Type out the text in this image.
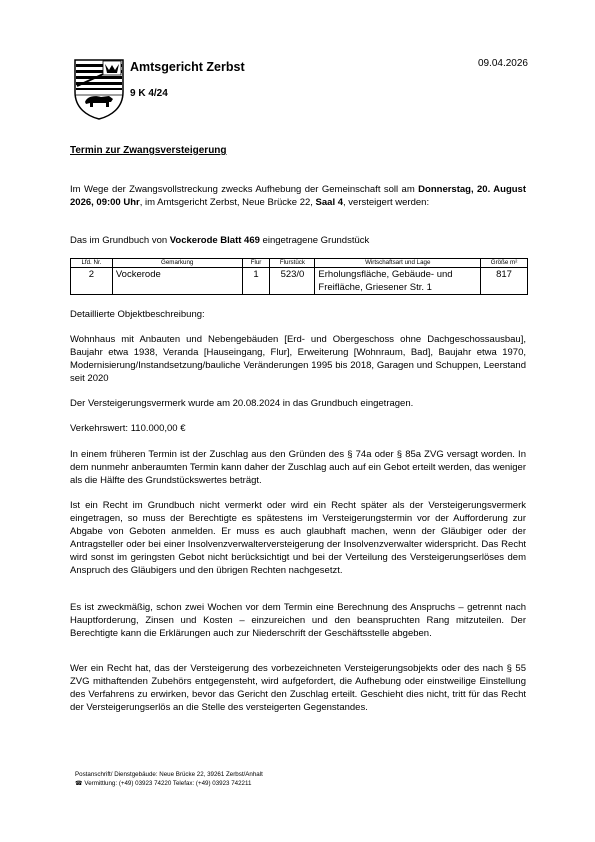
Amtsgericht Zerbst
9 K 4/24
09.04.2026
Termin zur Zwangsversteigerung
Im Wege der Zwangsvollstreckung zwecks Aufhebung der Gemeinschaft soll am Donnerstag, 20. August 2026, 09:00 Uhr, im Amtsgericht Zerbst, Neue Brücke 22, Saal 4, versteigert werden:
Das im Grundbuch von Vockerode Blatt 469 eingetragene Grundstück
Lfd. Nr.	Gemarkung	Flur	Flurstück	Wirtschaftsart und Lage	Größe m²
2	Vockerode	1	523/0	Erholungsfläche, Gebäude- und Freifläche, Griesener Str. 1	817
Detaillierte Objektbeschreibung:
Wohnhaus mit Anbauten und Nebengebäuden [Erd- und Obergeschoss ohne Dachgeschossausbau], Baujahr etwa 1938, Veranda [Hauseingang, Flur], Erweiterung [Wohnraum, Bad], Baujahr etwa 1970, Modernisierung/Instandsetzung/bauliche Veränderungen 1995 bis 2018, Garagen und Schuppen, Leerstand seit 2020
Der Versteigerungsvermerk wurde am 20.08.2024 in das Grundbuch eingetragen.
Verkehrswert: 110.000,00 €
In einem früheren Termin ist der Zuschlag aus den Gründen des § 74a oder § 85a ZVG versagt worden. In dem nunmehr anberaumten Termin kann daher der Zuschlag auch auf ein Gebot erteilt werden, das weniger als die Hälfte des Grundstückswertes beträgt.
Ist ein Recht im Grundbuch nicht vermerkt oder wird ein Recht später als der Versteigerungsvermerk eingetragen, so muss der Berechtigte es spätestens im Versteigerungstermin vor der Aufforderung zur Abgabe von Geboten anmelden. Er muss es auch glaubhaft machen, wenn der Gläubiger oder der Antragsteller oder bei einer Insolvenzverwalterversteigerung der Insolvenzverwalter widerspricht. Das Recht wird sonst im geringsten Gebot nicht berücksichtigt und bei der Verteilung des Versteigerungserlöses dem Anspruch des Gläubigers und den übrigen Rechten nachgesetzt.
Es ist zweckmäßig, schon zwei Wochen vor dem Termin eine Berechnung des Anspruchs – getrennt nach Hauptforderung, Zinsen und Kosten – einzureichen und den beanspruchten Rang mitzuteilen. Der Berechtigte kann die Erklärungen auch zur Niederschrift der Geschäftsstelle abgeben.
Wer ein Recht hat, das der Versteigerung des vorbezeichneten Versteigerungsobjekts oder des nach § 55 ZVG mithaftenden Zubehörs entgegensteht, wird aufgefordert, die Aufhebung oder einstweilige Einstellung des Verfahrens zu erwirken, bevor das Gericht den Zuschlag erteilt. Geschieht dies nicht, tritt für das Recht der Versteigerungserlös an die Stelle des versteigerten Gegenstandes.
Postanschrift/ Dienstgebäude: Neue Brücke 22, 39261 Zerbst/Anhalt
☎ Vermittlung: (+49) 03923 74220 Telefax: (+49) 03923 742211
